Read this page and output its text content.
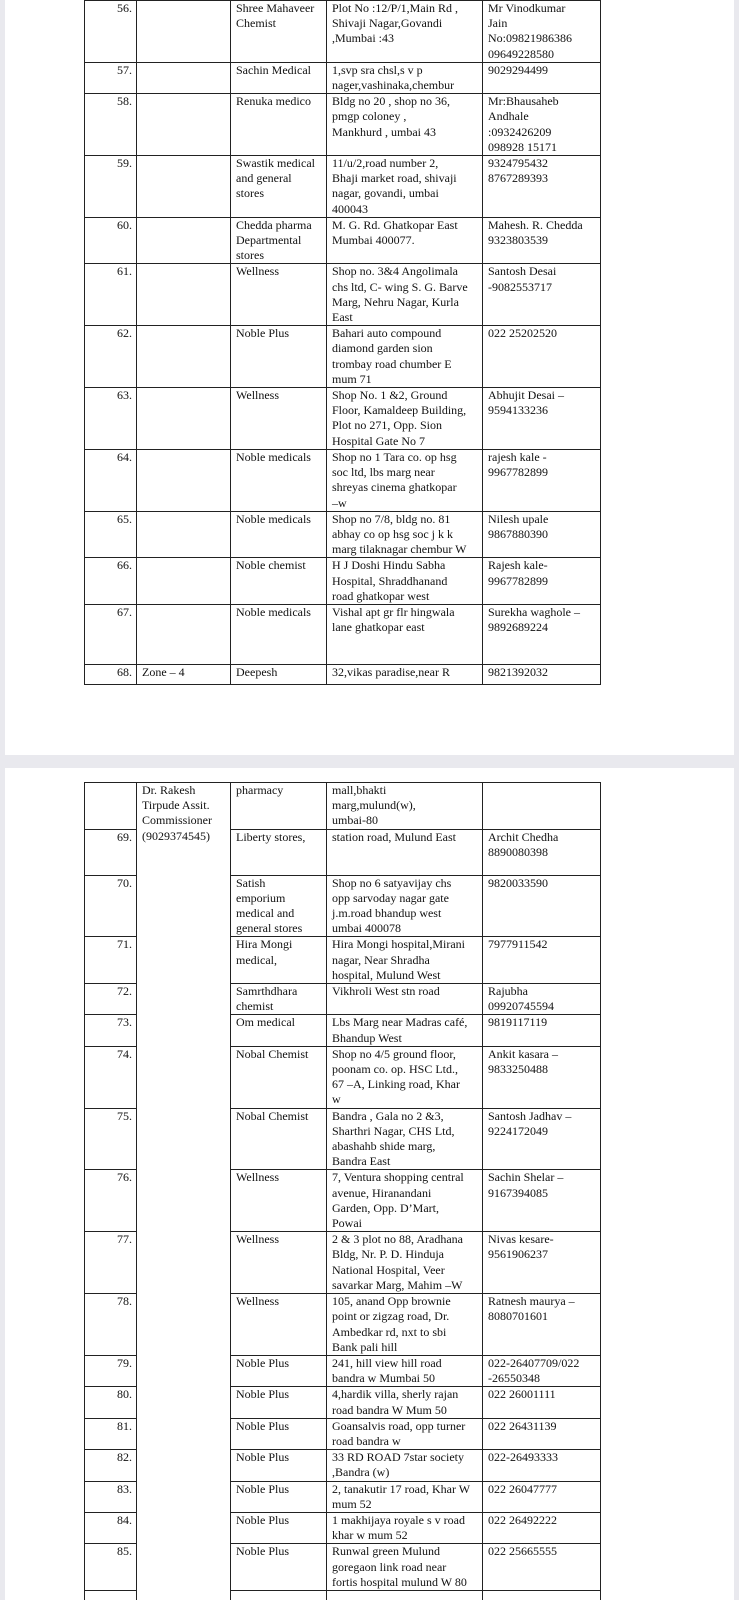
56.		Shree Mahaveer Chemist	Plot No :12/P/1,Main Rd ,
Shivaji Nagar,Govandi
,Mumbai :43	Mr Vinodkumar
Jain
No:09821986386
09649228580
57.		Sachin Medical	1,svp sra chsl,s v p
nager,vashinaka,chembur	9029294499
58.		Renuka medico	Bldg no 20 , shop no 36,
pmgp coloney ,
Mankhurd , umbai 43	Mr:Bhausaheb
Andhale
:0932426209
098928 15171
59.		Swastik medical
and general
stores	11/u/2,road number 2,
Bhaji market road, shivaji
nagar, govandi, umbai
400043	9324795432
8767289393
60.		Chedda pharma
Departmental
stores	M. G. Rd. Ghatkopar East
Mumbai 400077.	Mahesh. R. Chedda
9323803539
61.		Wellness	Shop no. 3&4 Angolimala
chs ltd, C- wing S. G. Barve
Marg, Nehru Nagar, Kurla
East	Santosh Desai
-9082553717
62.		Noble Plus	Bahari auto compound
diamond garden sion
trombay road chumber E
mum 71	022 25202520
63.		Wellness	Shop No. 1 &2, Ground
Floor, Kamaldeep Building,
Plot no 271, Opp. Sion
Hospital Gate No 7	Abhujit Desai –
9594133236
64.		Noble medicals	Shop no 1 Tara co. op hsg
soc ltd, lbs marg near
shreyas cinema ghatkopar
–w	rajesh kale -
9967782899
65.		Noble medicals	Shop no 7/8, bldg no. 81
abhay co op hsg soc j k k
marg tilaknagar chembur W	Nilesh upale
9867880390
66.		Noble chemist	H J Doshi Hindu Sabha
Hospital, Shraddhanand
road ghatkopar west	Rajesh kale-
9967782899
67.		Noble medicals	Vishal apt gr flr hingwala
lane ghatkopar east	Surekha waghole –
9892689224
68.	Zone – 4	Deepesh	32,vikas paradise,near R	9821392032
	Dr. Rakesh
Tirpude Assit.
Commissioner
(9029374545)	pharmacy	mall,bhakti
marg,mulund(w),
umbai-80	
69.		Liberty stores,	station road, Mulund East	Archit Chedha
8890080398
70.		Satish
emporium
medical and
general stores	Shop no 6 satyavijay chs
opp sarvoday nagar gate
j.m.road bhandup west
umbai 400078	9820033590
71.		Hira Mongi
medical,	Hira Mongi hospital,Mirani
nagar, Near Shradha
hospital, Mulund West	7977911542
72.		Samrthdhara
chemist	Vikhroli West stn road	Rajubha
09920745594
73.		Om medical	Lbs Marg near Madras café,
Bhandup West	9819117119
74.		Nobal Chemist	Shop no 4/5 ground floor,
poonam co. op. HSC Ltd.,
67 –A, Linking road, Khar
w	Ankit kasara –
9833250488
75.		Nobal Chemist	Bandra , Gala no 2 &3,
Sharthri Nagar, CHS Ltd,
abashahb shide marg,
Bandra East	Santosh Jadhav –
9224172049
76.		Wellness	7, Ventura shopping central
avenue, Hiranandani
Garden, Opp. D’Mart,
Powai	Sachin Shelar –
9167394085
77.		Wellness	2 & 3 plot no 88, Aradhana
Bldg, Nr. P. D. Hinduja
National Hospital, Veer
savarkar Marg, Mahim –W	Nivas kesare-
9561906237
78.		Wellness	105, anand Opp brownie
point or zigzag road, Dr.
Ambedkar rd, nxt to sbi
Bank pali hill	Ratnesh maurya –
8080701601
79.		Noble Plus	241, hill view hill road
bandra w Mumbai 50	022-26407709/022
-26550348
80.		Noble Plus	4,hardik villa, sherly rajan
road bandra W Mum 50	022 26001111
81.		Noble Plus	Goansalvis road, opp turner
road bandra w	022 26431139
82.		Noble Plus	33 RD ROAD 7star society
,Bandra (w)	022-26493333
83.		Noble Plus	2, tanakutir 17 road, Khar W
mum 52	022 26047777
84.		Noble Plus	1 makhijaya royale s v road
khar w mum 52	022 26492222
85.		Noble Plus	Runwal green Mulund
goregaon link road near
fortis hospital mulund W 80	022 25665555
